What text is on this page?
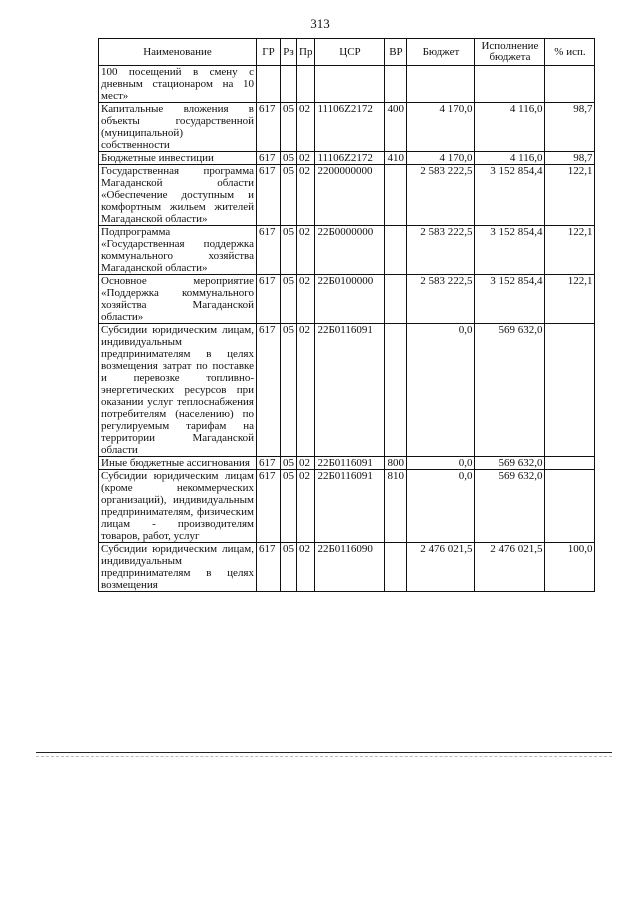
313
Наименование	ГР	Рз	Пр	ЦСР	ВР	Бюджет	Исполнение бюджета	% исп.
100 посещений в смену с дневным стационаром на 10 мест»								
Капитальные вложения в объекты государственной (муниципальной) собственности	617	05	02	11106Z2172	400	4 170,0	4 116,0	98,7
Бюджетные инвестиции	617	05	02	11106Z2172	410	4 170,0	4 116,0	98,7
Государственная программа Магаданской области «Обеспечение доступным и комфортным жильем жителей Магаданской области»	617	05	02	2200000000		2 583 222,5	3 152 854,4	122,1
Подпрограмма «Государственная поддержка коммунального хозяйства Магаданской области»	617	05	02	22Б0000000		2 583 222,5	3 152 854,4	122,1
Основное мероприятие «Поддержка коммунального хозяйства Магаданской области»	617	05	02	22Б0100000		2 583 222,5	3 152 854,4	122,1
Субсидии юридическим лицам, индивидуальным предпринимателям в целях возмещения затрат по поставке и перевозке топливно-энергетических ресурсов при оказании услуг теплоснабжения потребителям (населению) по регулируемым тарифам на территории Магаданской области	617	05	02	22Б0116091		0,0	569 632,0	
Иные бюджетные ассигнования	617	05	02	22Б0116091	800	0,0	569 632,0	
Субсидии юридическим лицам (кроме некоммерческих организаций), индивидуальным предпринимателям, физическим лицам - производителям товаров, работ, услуг	617	05	02	22Б0116091	810	0,0	569 632,0	
Субсидии юридическим лицам, индивидуальным предпринимателям в целях возмещения	617	05	02	22Б0116090		2 476 021,5	2 476 021,5	100,0
